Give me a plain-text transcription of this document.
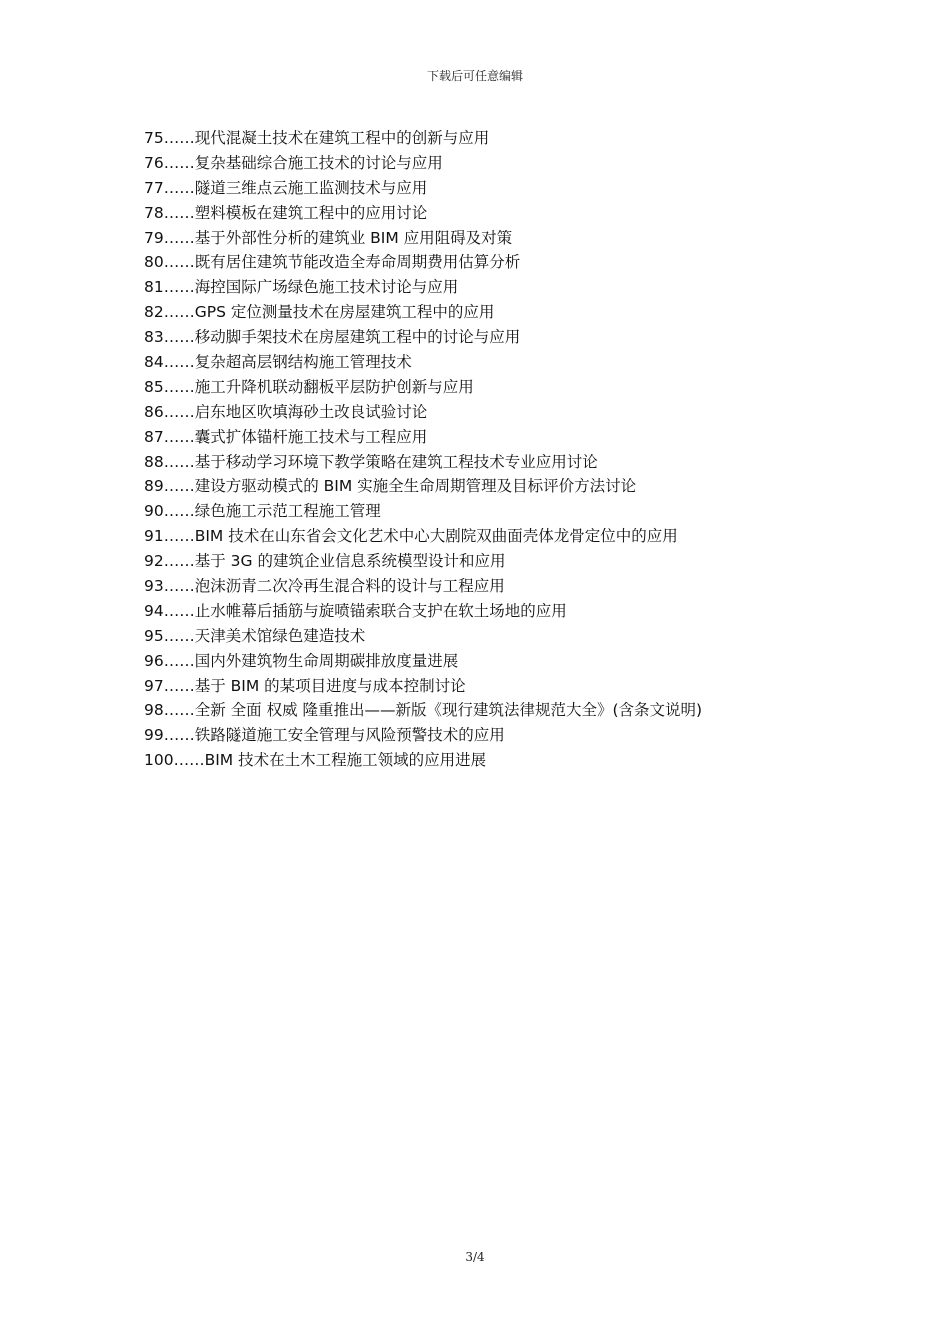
下载后可任意编辑
75……现代混凝土技术在建筑工程中的创新与应用
76……复杂基础综合施工技术的讨论与应用
77……隧道三维点云施工监测技术与应用
78……塑料模板在建筑工程中的应用讨论
79……基于外部性分析的建筑业 BIM 应用阻碍及对策
80……既有居住建筑节能改造全寿命周期费用估算分析
81……海控国际广场绿色施工技术讨论与应用
82……GPS 定位测量技术在房屋建筑工程中的应用
83……移动脚手架技术在房屋建筑工程中的讨论与应用
84……复杂超高层钢结构施工管理技术
85……施工升降机联动翻板平层防护创新与应用
86……启东地区吹填海砂土改良试验讨论
87……囊式扩体锚杆施工技术与工程应用
88……基于移动学习环境下教学策略在建筑工程技术专业应用讨论
89……建设方驱动模式的 BIM 实施全生命周期管理及目标评价方法讨论
90……绿色施工示范工程施工管理
91……BIM 技术在山东省会文化艺术中心大剧院双曲面壳体龙骨定位中的应用
92……基于 3G 的建筑企业信息系统模型设计和应用
93……泡沫沥青二次冷再生混合料的设计与工程应用
94……止水帷幕后插筋与旋喷锚索联合支护在软土场地的应用
95……天津美术馆绿色建造技术
96……国内外建筑物生命周期碳排放度量进展
97……基于 BIM 的某项目进度与成本控制讨论
98……全新 全面 权威 隆重推出——新版《现行建筑法律规范大全》(含条文说明)
99……铁路隧道施工安全管理与风险预警技术的应用
100……BIM 技术在土木工程施工领域的应用进展
3/4
